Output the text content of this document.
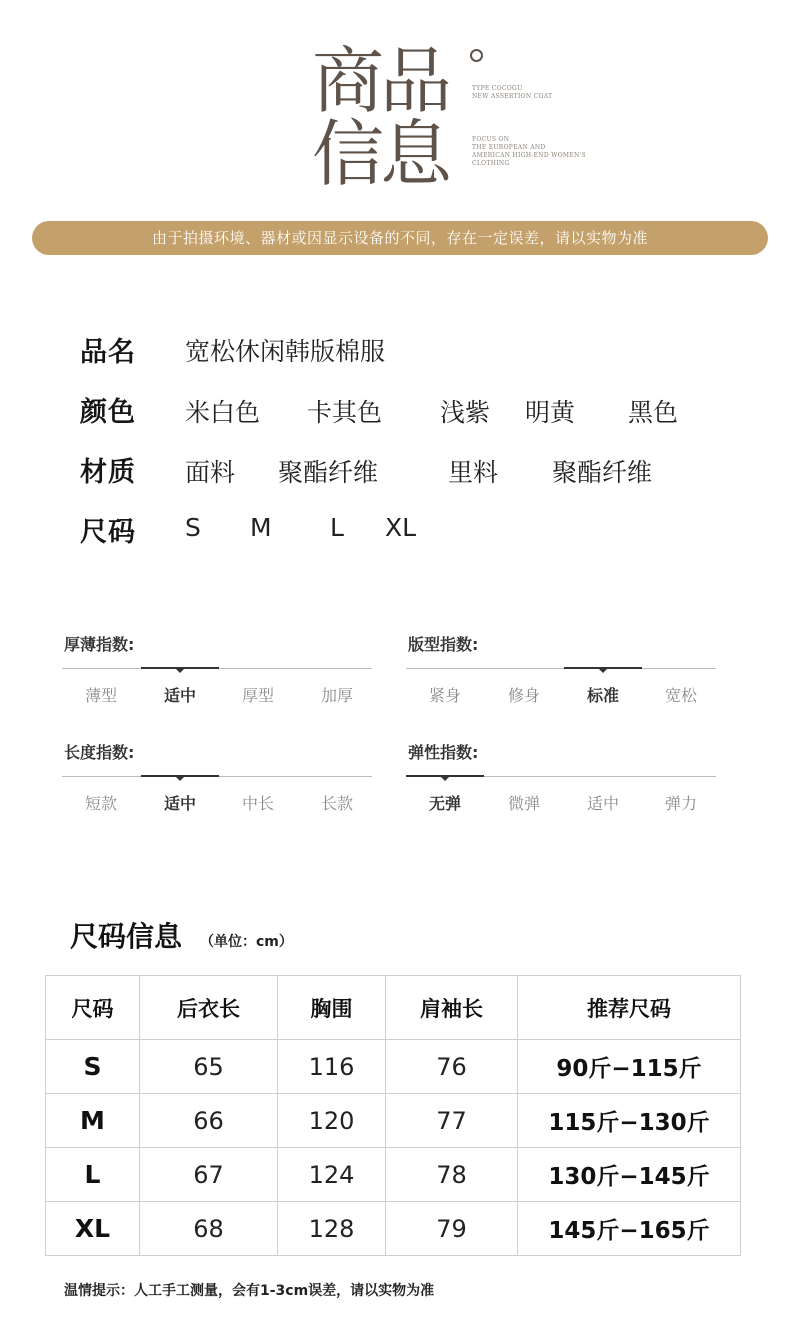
商品
信息
TYPE COCOGU
NEW ASSERTION COAT
FOCUS ON
THE EUROPEAN AND
AMERICAN HIGH-END WOMEN'S
CLOTHING
由于拍摄环境、器材或因显示设备的不同，存在一定误差，请以实物为准
品名 宽松休闲韩版棉服
颜色 米白色 卡其色 浅紫 明黄 黑色
材质 面料 聚酯纤维	里料 聚酯纤维
尺码 S M L XL
厚薄指数:
薄型	适中	厚型	加厚
版型指数:
紧身	修身	标准	宽松
长度指数:
短款	适中	中长	长款
弹性指数:
无弹	微弹	适中	弹力
尺码信息 （单位：cm）
尺码	后衣长	胸围	肩袖长	推荐尺码
S	65	116	76	90斤−115斤
M	66	120	77	115斤−130斤
L	67	124	78	130斤−145斤
XL	68	128	79	145斤−165斤
温情提示：人工手工测量，会有1-3cm误差，请以实物为准
